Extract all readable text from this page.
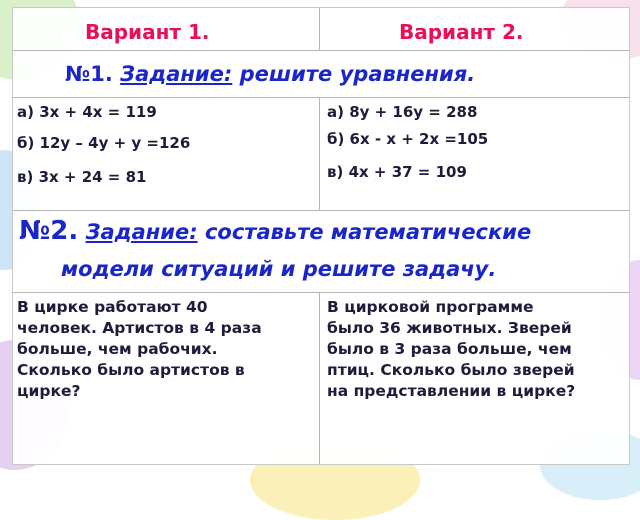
Вариант 1.	Вариант 2.
№1. Задание: решите уравнения.
а) 3х + 4х = 119
б) 12у – 4у + у =126
в) 3х + 24 = 81
а) 8у + 16у = 288
б) 6х - х + 2х =105
в) 4х + 37 = 109
№2. Задание: составьте математические
модели ситуаций и решите задачу.
В цирке работают 40
человек. Артистов в 4 раза
больше, чем рабочих.
Сколько было артистов в
цирке?
В цирковой программе
было 36 животных. Зверей
было в 3 раза больше, чем
птиц. Сколько было зверей
на представлении в цирке?
